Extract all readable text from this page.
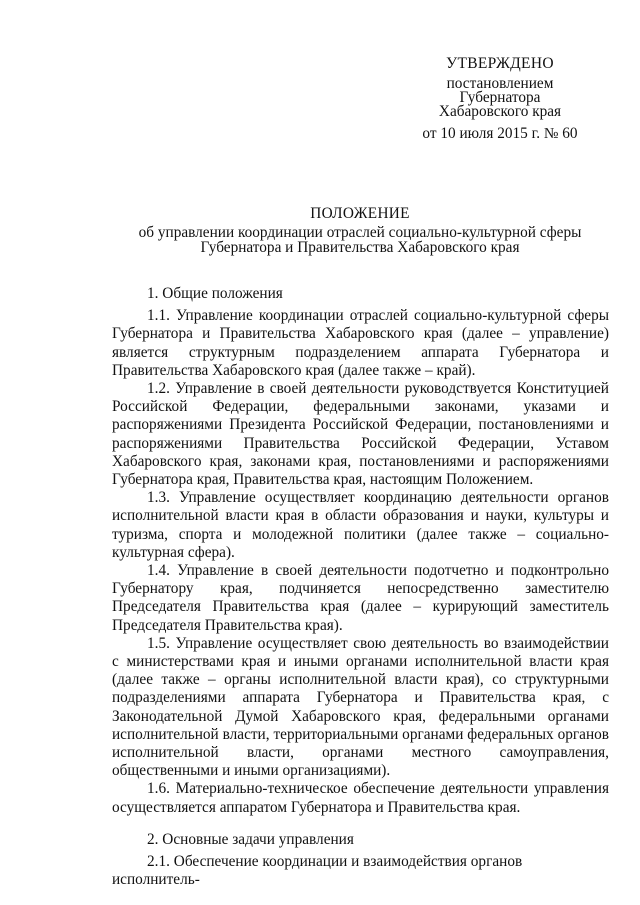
УТВЕРЖДЕНО
постановлением
Губернатора
Хабаровского края
от 10 июля 2015 г. № 60
ПОЛОЖЕНИЕ
об управлении координации отраслей социально-культурной сферы
Губернатора и Правительства Хабаровского края

1. Общие положения

1.1. Управление координации отраслей социально-культурной сферы Губернатора и Правительства Хабаровского края (далее – управление) является структурным подразделением аппарата Губернатора и Правительства Хабаровского края (далее также – край).

1.2. Управление в своей деятельности руководствуется Конституцией Российской Федерации, федеральными законами, указами и распоряжениями Президента Российской Федерации, постановлениями и распоряжениями Правительства Российской Федерации, Уставом Хабаровского края, законами края, постановлениями и распоряжениями Губернатора края, Правительства края, настоящим Положением.

1.3. Управление осуществляет координацию деятельности органов исполнительной власти края в области образования и науки, культуры и туризма, спорта и молодежной политики (далее также – социально-культурная сфера).

1.4. Управление в своей деятельности подотчетно и подконтрольно Губернатору края, подчиняется непосредственно заместителю Председателя Правительства края (далее – курирующий заместитель Председателя Правительства края).

1.5. Управление осуществляет свою деятельность во взаимодействии с министерствами края и иными органами исполнительной власти края (далее также – органы исполнительной власти края), со структурными подразделениями аппарата Губернатора и Правительства края, с Законодательной Думой Хабаровского края, федеральными органами исполнительной власти, территориальными органами федеральных органов исполнительной власти, органами местного самоуправления, общественными и иными организациями).

1.6. Материально-техническое обеспечение деятельности управления осуществляется аппаратом Губернатора и Правительства края.

2. Основные задачи управления

2.1. Обеспечение координации и взаимодействия органов исполнитель-
